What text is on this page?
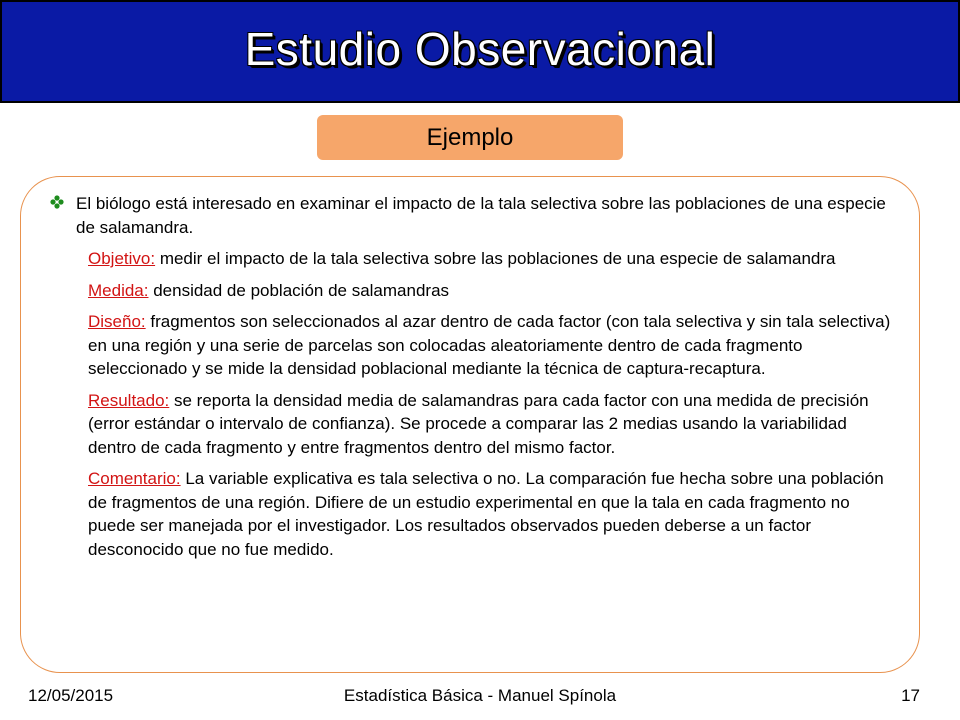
Estudio Observacional
Ejemplo
El biólogo está interesado en examinar el impacto de la tala selectiva sobre las poblaciones de una especie de salamandra.
Objetivo: medir el impacto de la tala selectiva sobre las poblaciones de una especie de salamandra
Medida: densidad de población de salamandras
Diseño: fragmentos son seleccionados al azar dentro de cada factor (con tala selectiva y sin tala selectiva) en una región y una serie de parcelas son colocadas aleatoriamente dentro de cada fragmento seleccionado y se mide la densidad poblacional mediante la técnica de captura-recaptura.
Resultado: se reporta la densidad media de salamandras para cada factor con una medida de precisión (error estándar o intervalo de confianza). Se procede a comparar las 2 medias usando la variabilidad dentro de cada fragmento y entre fragmentos dentro del mismo factor.
Comentario: La variable explicativa es tala selectiva o no. La comparación fue hecha sobre una población de fragmentos de una región. Difiere de un estudio experimental en que la tala en cada fragmento no puede ser manejada por el investigador. Los resultados observados pueden deberse a un factor desconocido que no fue medido.
12/05/2015	Estadística Básica - Manuel Spínola	17
